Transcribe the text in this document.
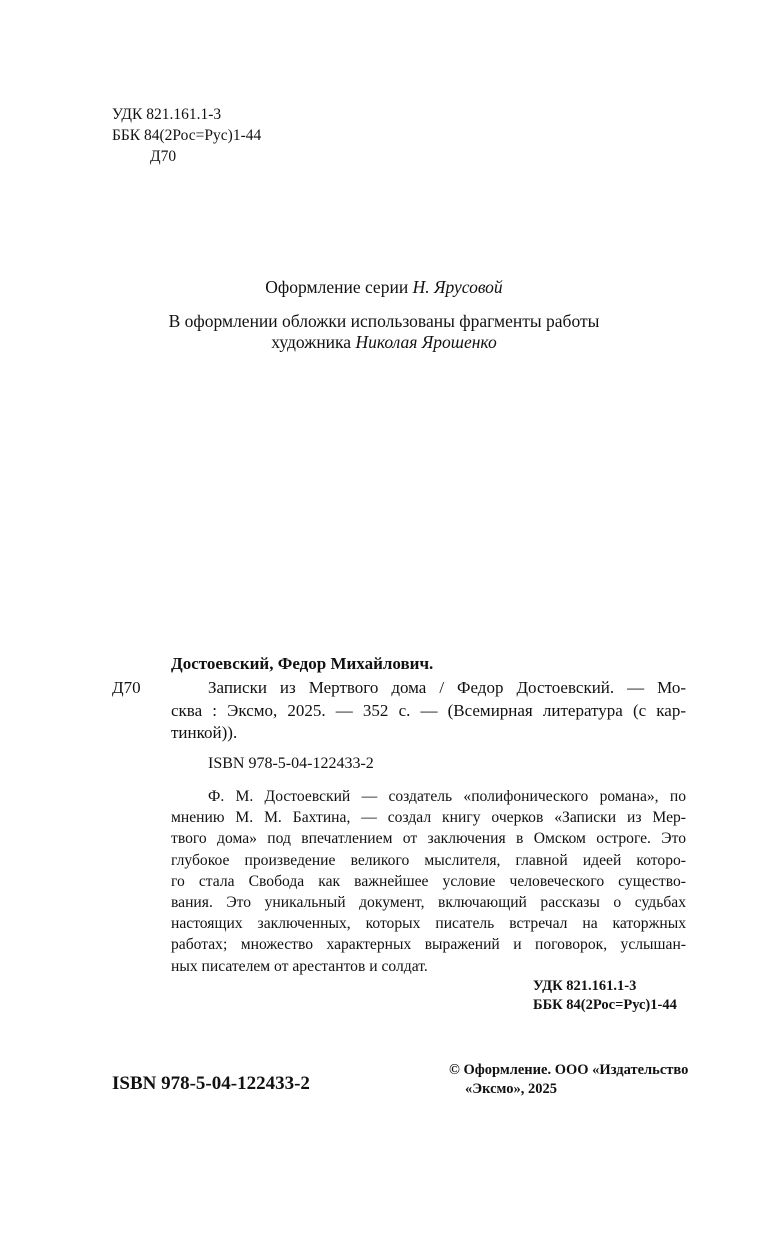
УДК 821.161.1-3
ББК 84(2Рос=Рус)1-44
Д70
Оформление серии Н. Ярусовой
В оформлении обложки использованы фрагменты работы
художника Николая Ярошенко
Достоевский, Федор Михайлович.
Д70	Записки из Мертвого дома / Федор Достоевский. — Мо-
сква : Эксмо, 2025. — 352 с. — (Всемирная литература (с кар-
тинкой)).
ISBN 978-5-04-122433-2
Ф. М. Достоевский — создатель «полифонического романа», по
мнению М. М. Бахтина, — создал книгу очерков «Записки из Мер-
твого дома» под впечатлением от заключения в Омском остроге. Это
глубокое произведение великого мыслителя, главной идеей которо-
го стала Свобода как важнейшее условие человеческого существо-
вания. Это уникальный документ, включающий рассказы о судьбах
настоящих заключенных, которых писатель встречал на каторжных
работах; множество характерных выражений и поговорок, услышан-
ных писателем от арестантов и солдат.
УДК 821.161.1-3
ББК 84(2Рос=Рус)1-44
ISBN 978-5-04-122433-2
© Оформление. ООО «Издательство
«Эксмо», 2025
